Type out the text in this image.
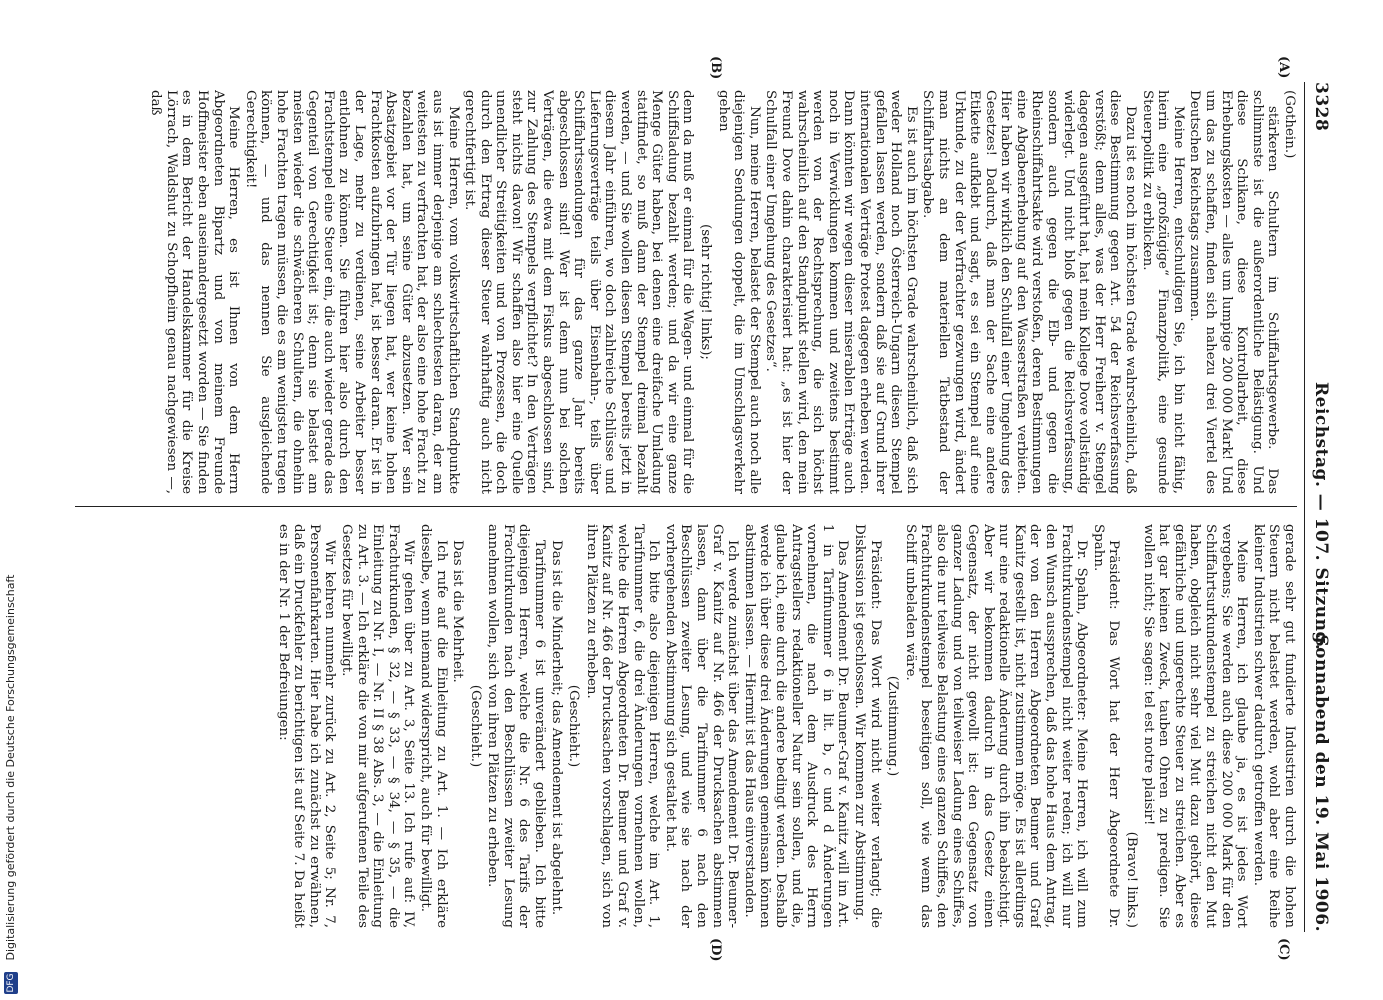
3328
Reichstag. — 107. Sitzung.
Sonnabend den 19. Mai 1906.
(A)
(B)
(C)
(D)

(Gothein.)

stärkeren Schultern im Schiffahrtsgewerbe. Das schlimmste ist die außerordentliche Belästigung. Und diese Schikane, diese Kontrollarbeit, diese Erhebungskosten — alles um lumpige 200 000 Mark! Und um das zu schaffen, finden sich nahezu drei Viertel des Deutschen Reichstags zusammen.

Meine Herren, entschuldigen Sie, ich bin nicht fähig, hierin eine „großzügige“ Finanzpolitik, eine gesunde Steuerpolitik zu erblicken.

Dazu ist es noch im höchsten Grade wahrscheinlich, daß diese Bestimmung gegen Art. 54 der Reichsverfassung verstößt; denn alles, was der Herr Freiherr v. Stengel dagegen ausgeführt hat, hat mein Kollege Dove vollständig widerlegt. Und nicht bloß gegen die Reichsverfassung, sondern auch gegen die Elb- und gegen die Rheinschiffahrtsakte wird verstoßen, deren Bestimmungen eine Abgabenerhebung auf den Wasserstraßen verbieten. Hier haben wir wirklich den Schulfall einer Umgehung des Gesetzes! Dadurch, daß man der Sache eine andere Etikette aufklebt und sagt, es sei ein Stempel auf eine Urkunde, zu der der Verfrachter gezwungen wird, ändert man nichts an dem materiellen Tatbestand der Schiffahrtsabgabe.

Es ist auch im höchsten Grade wahrscheinlich, daß sich weder Holland noch Österreich-Ungarn diesen Stempel gefallen lassen werden, sondern daß sie auf Grund ihrer internationalen Verträge Protest dagegen erheben werden. Dann könnten wir wegen dieser miserablen Erträge auch noch in Verwicklungen kommen und zweitens bestimmt werden von der Rechtsprechung, die sich höchst wahrscheinlich auf den Standpunkt stellen wird, den mein Freund Dove dahin charakterisiert hat: „es ist hier der Schulfall einer Umgehung des Gesetzes“.

Nun, meine Herren, belastet der Stempel auch noch alle diejenigen Sendungen doppelt, die im Umschlagsverkehr gehen

(sehr richtig! links);

denn da muß er einmal für die Wagen- und einmal für die Schiffsladung bezahlt werden; und da wir eine ganze Menge Güter haben, bei denen eine dreifache Umladung stattfindet, so muß dann der Stempel dreimal bezahlt werden, — und Sie wollen diesen Stempel bereits jetzt in diesem Jahr einführen, wo doch zahlreiche Schlüsse und Lieferungsverträge teils über Eisenbahn-, teils über Schiffahrtssendungen für das ganze Jahr bereits abgeschlossen sind! Wer ist denn nun bei solchen Verträgen, die etwa mit dem Fiskus abgeschlossen sind, zur Zahlung des Stempels verpflichtet? In den Verträgen steht nichts davon! Wir schaffen also hier eine Quelle unendlicher Streitigkeiten und von Prozessen, die doch durch den Ertrag dieser Steuer wahrhaftig auch nicht gerechtfertigt ist.

Meine Herren, vom volkswirtschaftlichen Standpunkte aus ist immer derjenige am schlechtesten daran, der am weitesten zu verfrachten hat, der also eine hohe Fracht zu bezahlen hat, um seine Güter abzusetzen. Wer sein Absatzgebiet vor der Tür liegen hat, wer keine hohen Frachtkosten aufzubringen hat, ist besser daran. Er ist in der Lage, mehr zu verdienen, seine Arbeiter besser entlohnen zu können. Sie führen hier also durch den Frachtstempel eine Steuer ein, die auch wieder gerade das Gegenteil von Gerechtigkeit ist; denn sie belastet am meisten wieder die schwächeren Schultern, die ohnehin hohe Frachten tragen müssen, die es am wenigsten tragen können, — und das nennen Sie ausgleichende Gerechtigkeit!

Meine Herren, es ist Ihnen von dem Herrn Abgeordneten Bipartz und von meinem Freunde Hoffmeister eben auseinandergesetzt worden — Sie finden es in dem Bericht der Handelskammer für die Kreise Lörrach, Waldshut zu Schopfheim genau nachgewiesen —, daß

gerade sehr gut fundierte Industrien durch die hohen Steuern nicht belastet werden, wohl aber eine Reihe kleiner Industrien schwer dadurch getroffen werden.

Meine Herren, ich glaube ja, es ist jedes Wort vergebens; Sie werden auch diese 200 000 Mark für den Schiffahrtsurkundenstempel zu streichen nicht den Mut haben, obgleich nicht sehr viel Mut dazu gehört, diese gefährliche und ungerechte Steuer zu streichen. Aber es hat gar keinen Zweck, tauben Ohren zu predigen. Sie wollen nicht; Sie sagen: tel est notre plaisir!

(Bravo! links.)

Präsident: Das Wort hat der Herr Abgeordnete Dr. Spahn.

Dr. Spahn, Abgeordneter: Meine Herren, ich will zum Frachturkundenstempel nicht weiter reden; ich will nur den Wunsch aussprechen, daß das hohe Haus dem Antrag, der von den Herren Abgeordneten Beumer und Graf Kanitz gestellt ist, nicht zustimmen möge. Es ist allerdings nur eine redaktionelle Änderung durch ihn beabsichtigt. Aber wir bekommen dadurch in das Gesetz einen Gegensatz, der nicht gewollt ist: den Gegensatz von ganzer Ladung und von teilweiser Ladung eines Schiffes, also die nur teilweise Belastung eines ganzen Schiffes, den Frachturkundenstempel beseitigen soll, wie wenn das Schiff unbeladen wäre.

(Zustimmung.)

Präsident: Das Wort wird nicht weiter verlangt; die Diskussion ist geschlossen. Wir kommen zur Abstimmung.

Das Amendement Dr. Beumer-Graf v. Kanitz will im Art. 1 in Tarifnummer 6 in lit. b, c und d Änderungen vornehmen, die nach dem Ausdruck des Herrn Antragstellers redaktioneller Natur sein sollen, und die, glaube ich, eine durch die andere bedingt werden. Deshalb werde ich über diese drei Änderungen gemeinsam können abstimmen lassen. — Hiermit ist das Haus einverstanden.

Ich werde zunächst über das Amendement Dr. Beumer-Graf v. Kanitz auf Nr. 466 der Drucksachen abstimmen lassen, dann über die Tarifnummer 6 nach den Beschlüssen zweiter Lesung, und wie sie nach der vorhergehenden Abstimmung sich gestaltet hat.

Ich bitte also diejenigen Herren, welche im Art. 1, Tarifnummer 6, die drei Änderungen vornehmen wollen, welche die Herren Abgeordneten Dr. Beumer und Graf v. Kanitz auf Nr. 466 der Drucksachen vorschlagen, sich von ihren Plätzen zu erheben.

(Geschieht.)

Das ist die Minderheit; das Amendement ist abgelehnt.

Tarifnummer 6 ist unverändert geblieben. Ich bitte diejenigen Herren, welche die Nr. 6 des Tarifs der Frachturkunden nach den Beschlüssen zweiter Lesung annehmen wollen, sich von ihren Plätzen zu erheben.

(Geschieht.)

Das ist die Mehrheit.

Ich rufe auf die Einleitung zu Art. 1. — Ich erkläre dieselbe, wenn niemand widerspricht, auch für bewilligt.

Wir gehen über zu Art. 3, Seite 13. Ich rufe auf: IV, Frachturkunden, § 32, — § 33, — § 34, — § 35, — die Einleitung zu Nr. I, — Nr. II § 38 Abs. 3, — die Einleitung zu Art. 3. — Ich erkläre die von mir aufgerufenen Teile des Gesetzes für bewilligt.

Wir kehren nunmehr zurück zu Art. 2, Seite 5; Nr. 7, Personenfahrkarten. Hier habe ich zunächst zu erwähnen, daß ein Druckfehler zu berichtigen ist auf Seite 7. Da heißt es in der Nr. 1 der Befreiungen:

DFG Digitalisierung gefördert durch die Deutsche Forschungsgemeinschaft
